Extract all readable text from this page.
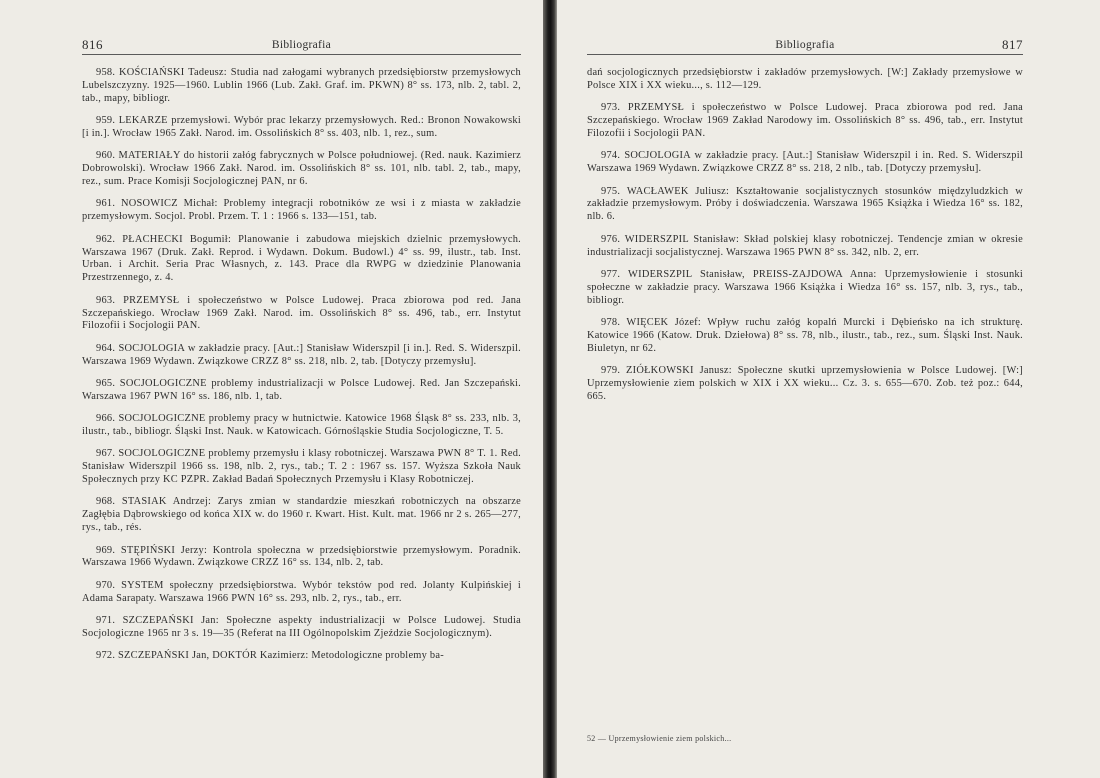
816	Bibliografia

958. KOŚCIAŃSKI Tadeusz: Studia nad załogami wybranych przedsiębiorstw przemysłowych Lubelszczyzny. 1925—1960. Lublin 1966 (Lub. Zakł. Graf. im. PKWN) 8° ss. 173, nlb. 2, tabl. 2, tab., mapy, bibliogr.

959. LEKARZE przemysłowi. Wybór prac lekarzy przemysłowych. Red.: Bronon Nowakowski [i in.]. Wrocław 1965 Zakł. Narod. im. Ossolińskich 8° ss. 403, nlb. 1, rez., sum.

960. MATERIAŁY do historii załóg fabrycznych w Polsce południowej. (Red. nauk. Kazimierz Dobrowolski). Wrocław 1966 Zakł. Narod. im. Ossolińskich 8° ss. 101, nlb. tabl. 2, tab., mapy, rez., sum. Prace Komisji Socjologicznej PAN, nr 6.

961. NOSOWICZ Michał: Problemy integracji robotników ze wsi i z miasta w zakładzie przemysłowym. Socjol. Probl. Przem. T. 1 : 1966 s. 133—151, tab.

962. PŁACHECKI Bogumił: Planowanie i zabudowa miejskich dzielnic przemysłowych. Warszawa 1967 (Druk. Zakł. Reprod. i Wydawn. Dokum. Budowl.) 4° ss. 99, ilustr., tab. Inst. Urban. i Archit. Seria Prac Własnych, z. 143. Prace dla RWPG w dziedzinie Planowania Przestrzennego, z. 4.

963. PRZEMYSŁ i społeczeństwo w Polsce Ludowej. Praca zbiorowa pod red. Jana Szczepańskiego. Wrocław 1969 Zakł. Narod. im. Ossolińskich 8° ss. 496, tab., err. Instytut Filozofii i Socjologii PAN.

964. SOCJOLOGIA w zakładzie pracy. [Aut.:] Stanisław Widerszpil [i in.]. Red. S. Widerszpil. Warszawa 1969 Wydawn. Związkowe CRZZ 8° ss. 218, nlb. 2, tab. [Dotyczy przemysłu].

965. SOCJOLOGICZNE problemy industrializacji w Polsce Ludowej. Red. Jan Szczepański. Warszawa 1967 PWN 16° ss. 186, nlb. 1, tab.

966. SOCJOLOGICZNE problemy pracy w hutnictwie. Katowice 1968 Śląsk 8° ss. 233, nlb. 3, ilustr., tab., bibliogr. Śląski Inst. Nauk. w Katowicach. Górnośląskie Studia Socjologiczne, T. 5.

967. SOCJOLOGICZNE problemy przemysłu i klasy robotniczej. Warszawa PWN 8° T. 1. Red. Stanisław Widerszpil 1966 ss. 198, nlb. 2, rys., tab.; T. 2 : 1967 ss. 157. Wyższa Szkoła Nauk Społecznych przy KC PZPR. Zakład Badań Społecznych Przemysłu i Klasy Robotniczej.

968. STASIAK Andrzej: Zarys zmian w standardzie mieszkań robotniczych na obszarze Zagłębia Dąbrowskiego od końca XIX w. do 1960 r. Kwart. Hist. Kult. mat. 1966 nr 2 s. 265—277, rys., tab., rés.

969. STĘPIŃSKI Jerzy: Kontrola społeczna w przedsiębiorstwie przemysłowym. Poradnik. Warszawa 1966 Wydawn. Związkowe CRZZ 16° ss. 134, nlb. 2, tab.

970. SYSTEM społeczny przedsiębiorstwa. Wybór tekstów pod red. Jolanty Kulpińskiej i Adama Sarapaty. Warszawa 1966 PWN 16° ss. 293, nlb. 2, rys., tab., err.

971. SZCZEPAŃSKI Jan: Społeczne aspekty industrializacji w Polsce Ludowej. Studia Socjologiczne 1965 nr 3 s. 19—35 (Referat na III Ogólnopolskim Zjeździe Socjologicznym).

972. SZCZEPAŃSKI Jan, DOKTÓR Kazimierz: Metodologiczne problemy ba-

Bibliografia	817

dań socjologicznych przedsiębiorstw i zakładów przemysłowych. [W:] Zakłady przemysłowe w Polsce XIX i XX wieku..., s. 112—129.

973. PRZEMYSŁ i społeczeństwo w Polsce Ludowej. Praca zbiorowa pod red. Jana Szczepańskiego. Wrocław 1969 Zakład Narodowy im. Ossolińskich 8° ss. 496, tab., err. Instytut Filozofii i Socjologii PAN.

974. SOCJOLOGIA w zakładzie pracy. [Aut.:] Stanisław Widerszpil i in. Red. S. Widerszpil Warszawa 1969 Wydawn. Związkowe CRZZ 8° ss. 218, 2 nlb., tab. [Dotyczy przemysłu].

975. WACŁAWEK Juliusz: Kształtowanie socjalistycznych stosunków międzyludzkich w zakładzie przemysłowym. Próby i doświadczenia. Warszawa 1965 Książka i Wiedza 16° ss. 182, nlb. 6.

976. WIDERSZPIL Stanisław: Skład polskiej klasy robotniczej. Tendencje zmian w okresie industrializacji socjalistycznej. Warszawa 1965 PWN 8° ss. 342, nlb. 2, err.

977. WIDERSZPIL Stanisław, PREISS-ZAJDOWA Anna: Uprzemysłowienie i stosunki społeczne w zakładzie pracy. Warszawa 1966 Książka i Wiedza 16° ss. 157, nlb. 3, rys., tab., bibliogr.

978. WIĘCEK Józef: Wpływ ruchu załóg kopalń Murcki i Dębieńsko na ich strukturę. Katowice 1966 (Katow. Druk. Dziełowa) 8° ss. 78, nlb., ilustr., tab., rez., sum. Śląski Inst. Nauk. Biuletyn, nr 62.

979. ZIÓŁKOWSKI Janusz: Społeczne skutki uprzemysłowienia w Polsce Ludowej. [W:] Uprzemysłowienie ziem polskich w XIX i XX wieku... Cz. 3. s. 655—670. Zob. też poz.: 644, 665.

52 — Uprzemysłowienie ziem polskich...
